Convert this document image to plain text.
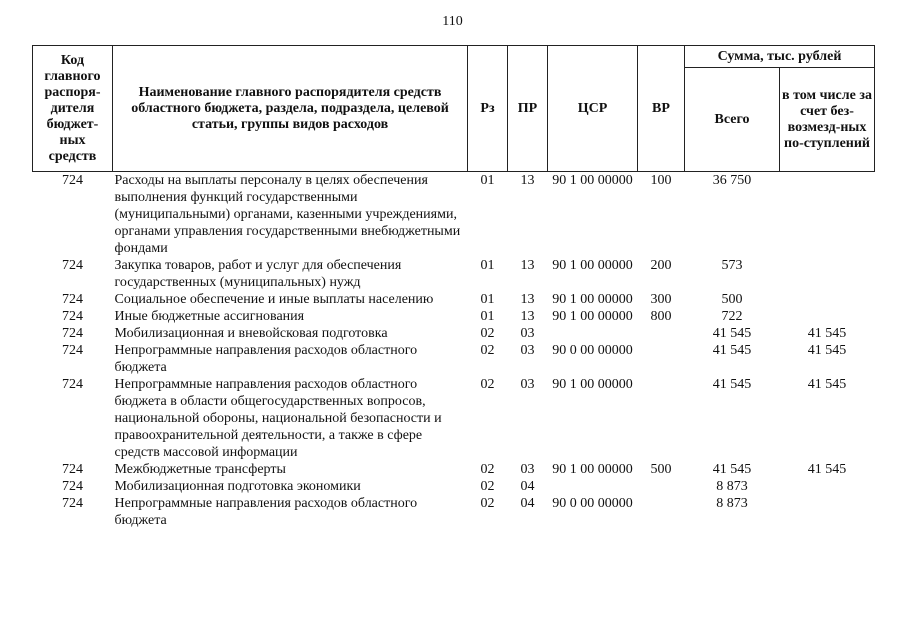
110
Код главного распоря-дителя бюджет-ных средств	Наименование главного распорядителя средств областного бюджета, раздела, подраздела, целевой статьи, группы видов расходов	Рз	ПР	ЦСР	ВР	Сумма, тыс. рублей	
						Всего	в том числе за счет без-возмезд-ных по-ступлений
724	Расходы на выплаты персоналу в целях обеспечения выполнения функций государственными (муниципальными) органами, казенными учреждениями, органами управления государственными внебюджетными фондами	01	13	90 1 00 00000	100	36 750	
724	Закупка товаров, работ и услуг для обеспечения государственных (муниципальных) нужд	01	13	90 1 00 00000	200	573	
724	Социальное обеспечение и иные выплаты населению	01	13	90 1 00 00000	300	500	
724	Иные бюджетные ассигнования	01	13	90 1 00 00000	800	722	
724	Мобилизационная и вневойсковая подготовка	02	03			41 545	41 545
724	Непрограммные направления расходов областного бюджета	02	03	90 0 00 00000		41 545	41 545
724	Непрограммные направления расходов областного бюджета в области общегосударственных вопросов, национальной обороны, национальной безопасности и правоохранительной деятельности, а также в сфере средств массовой информации	02	03	90 1 00 00000		41 545	41 545
724	Межбюджетные трансферты	02	03	90 1 00 00000	500	41 545	41 545
724	Мобилизационная подготовка экономики	02	04			8 873	
724	Непрограммные направления расходов областного бюджета	02	04	90 0 00 00000		8 873	
